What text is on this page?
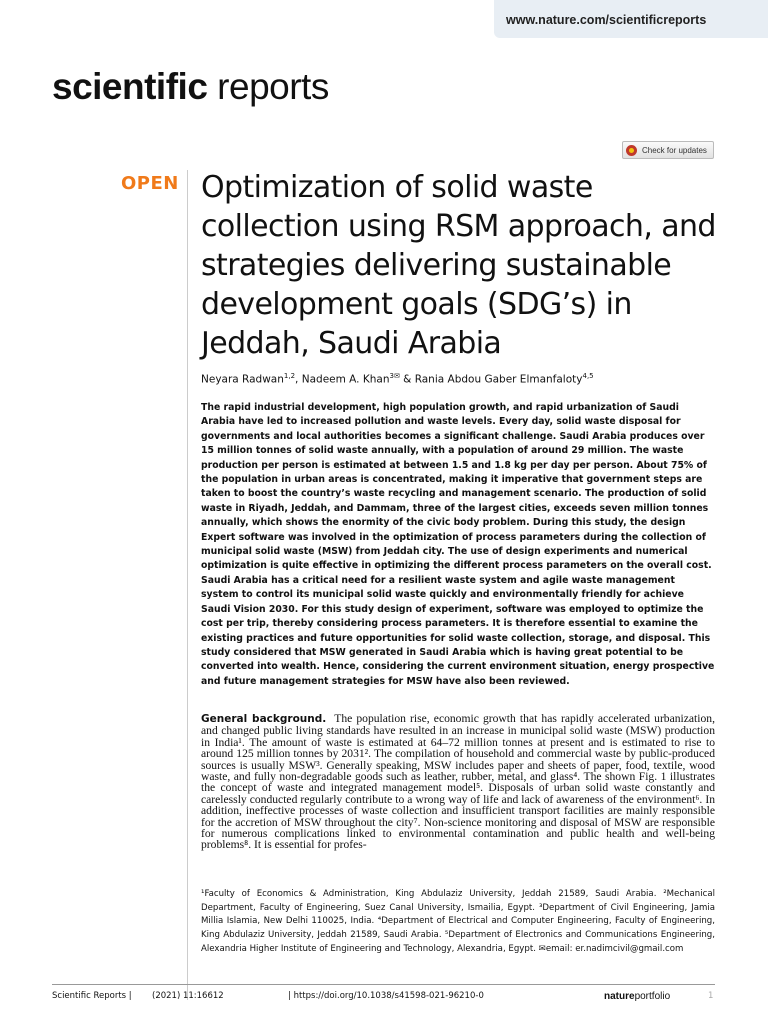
www.nature.com/scientificreports
scientific reports
Check for updates
OPEN Optimization of solid waste collection using RSM approach, and strategies delivering sustainable development goals (SDG’s) in Jeddah, Saudi Arabia
Neyara Radwan$^{1,2}$, Nadeem A. Khan$^{3✉}$ & Rania Abdou Gaber Elmanfaloty$^{4,5}$

The rapid industrial development, high population growth, and rapid urbanization of Saudi Arabia have led to increased pollution and waste levels. Every day, solid waste disposal for governments and local authorities becomes a significant challenge. Saudi Arabia produces over 15 million tonnes of solid waste annually, with a population of around 29 million. The waste production per person is estimated at between 1.5 and 1.8 kg per day per person. About 75% of the population in urban areas is concentrated, making it imperative that government steps are taken to boost the country’s waste recycling and management scenario. The production of solid waste in Riyadh, Jeddah, and Dammam, three of the largest cities, exceeds seven million tonnes annually, which shows the enormity of the civic body problem. During this study, the design Expert software was involved in the optimization of process parameters during the collection of municipal solid waste (MSW) from Jeddah city. The use of design experiments and numerical optimization is quite effective in optimizing the different process parameters on the overall cost. Saudi Arabia has a critical need for a resilient waste system and agile waste management system to control its municipal solid waste quickly and environmentally friendly for achieve Saudi Vision 2030. For this study design of experiment, software was employed to optimize the cost per trip, thereby considering process parameters. It is therefore essential to examine the existing practices and future opportunities for solid waste collection, storage, and disposal. This study considered that MSW generated in Saudi Arabia which is having great potential to be converted into wealth. Hence, considering the current environment situation, energy prospective and future management strategies for MSW have also been reviewed.

General background. The population rise, economic growth that has rapidly accelerated urbanization, and changed public living standards have resulted in an increase in municipal solid waste (MSW) production in India¹. The amount of waste is estimated at 64–72 million tonnes at present and is estimated to rise to around 125 million tonnes by 2031². The compilation of household and commercial waste by public-produced sources is usually MSW³. Generally speaking, MSW includes paper and sheets of paper, food, textile, wood waste, and fully non-degradable goods such as leather, rubber, metal, and glass⁴. The shown Fig. 1 illustrates the concept of waste and integrated management model⁵. Disposals of urban solid waste constantly and carelessly conducted regularly contribute to a wrong way of life and lack of awareness of the environment⁶. In addition, ineffective processes of waste collection and insufficient transport facilities are mainly responsible for the accretion of MSW throughout the city⁷. Non-science monitoring and disposal of MSW are responsible for numerous complications linked to environmental contamination and public health and well-being problems⁸. It is essential for profes-

¹Faculty of Economics & Administration, King Abdulaziz University, Jeddah 21589, Saudi Arabia. ²Mechanical Department, Faculty of Engineering, Suez Canal University, Ismailia, Egypt. ³Department of Civil Engineering, Jamia Millia Islamia, New Delhi 110025, India. ⁴Department of Electrical and Computer Engineering, Faculty of Engineering, King Abdulaziz University, Jeddah 21589, Saudi Arabia. ⁵Department of Electronics and Communications Engineering, Alexandria Higher Institute of Engineering and Technology, Alexandria, Egypt. ✉email: er.nadimcivil@gmail.com

Scientific Reports | (2021) 11:16612	| https://doi.org/10.1038/s41598-021-96210-0	natureportfolio	1
